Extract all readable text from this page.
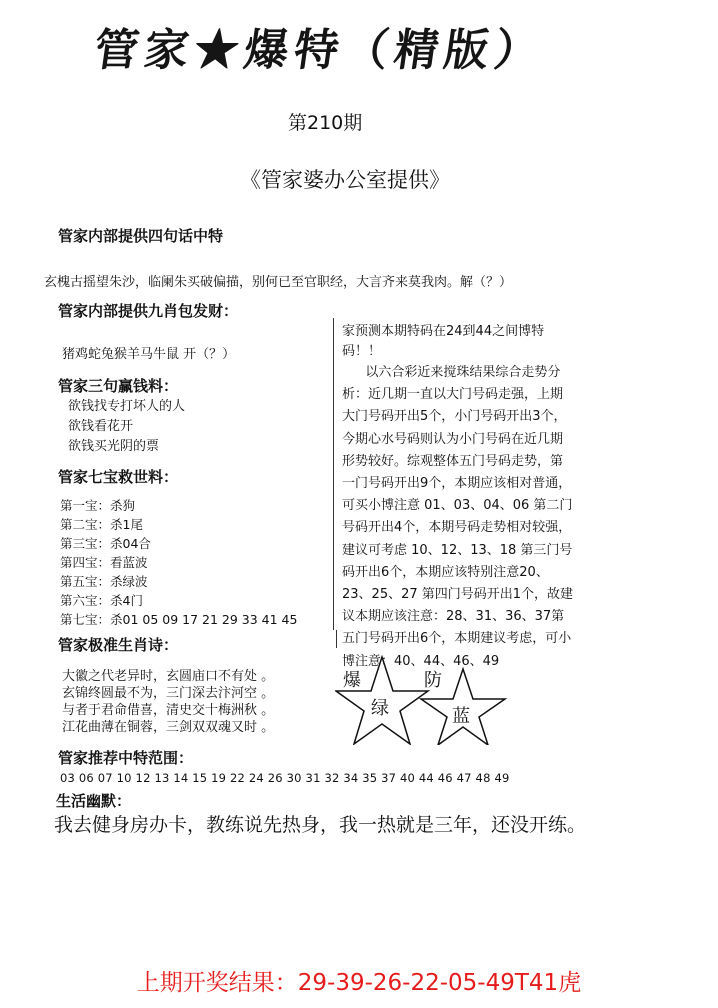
管家★爆特（精版）
第210期
《管家婆办公室提供》
管家内部提供四句话中特
玄槐古摇望朱沙，临阑朱买破偏描，别何已至官职经，大言齐来莫我肉。解（？）
管家内部提供九肖包发财：
猪鸡蛇兔猴羊马牛鼠 开（？）
管家三句赢钱料：
欲钱找专打坏人的人
欲钱看花开
欲钱买光阴的票
管家七宝救世料：
第一宝：杀狗
第二宝：杀1尾
第三宝：杀04合
第四宝：看蓝波
第五宝：杀绿波
第六宝：杀4门
第七宝：杀01 05 09 17 21 29 33 41 45
管家极准生肖诗：
大徽之代老异时，玄圆庙口不有处 。
玄锦终圆最不为，三门深去汴河空 。
与者于君命借喜，清史交十梅洲秋 。
江花曲薄在铜蓉，三剑双双魂又时 。
管家推荐中特范围：
03 06 07 10 12 13 14 15 19 22 24 26 30 31 32 34 35 37 40 44 46 47 48 49
生活幽默：
我去健身房办卡，教练说先热身，我一热就是三年，还没开练。
家预测本期特码在24到44之间博特码！！
以六合彩近来搅珠结果综合走势分析：近几期一直以大门号码走强，上期大门号码开出5个，小门号码开出3个，今期心水号码则认为小门号码在近几期形势较好。综观整体五门号码走势，第一门号码开出9个，本期应该相对普通，可买小博注意 01、03、04、06 第二门号码开出4个，本期号码走势相对较强，建议可考虑 10、12、13、18 第三门号码开出6个，本期应该特别注意20、23、25、27 第四门号码开出1个，故建议本期应该注意：28、31、36、37第五门号码开出6个，本期建议考虑，可小博注意：40、44、46、49
爆	防
绿	蓝
上期开奖结果：29-39-26-22-05-49T41虎
